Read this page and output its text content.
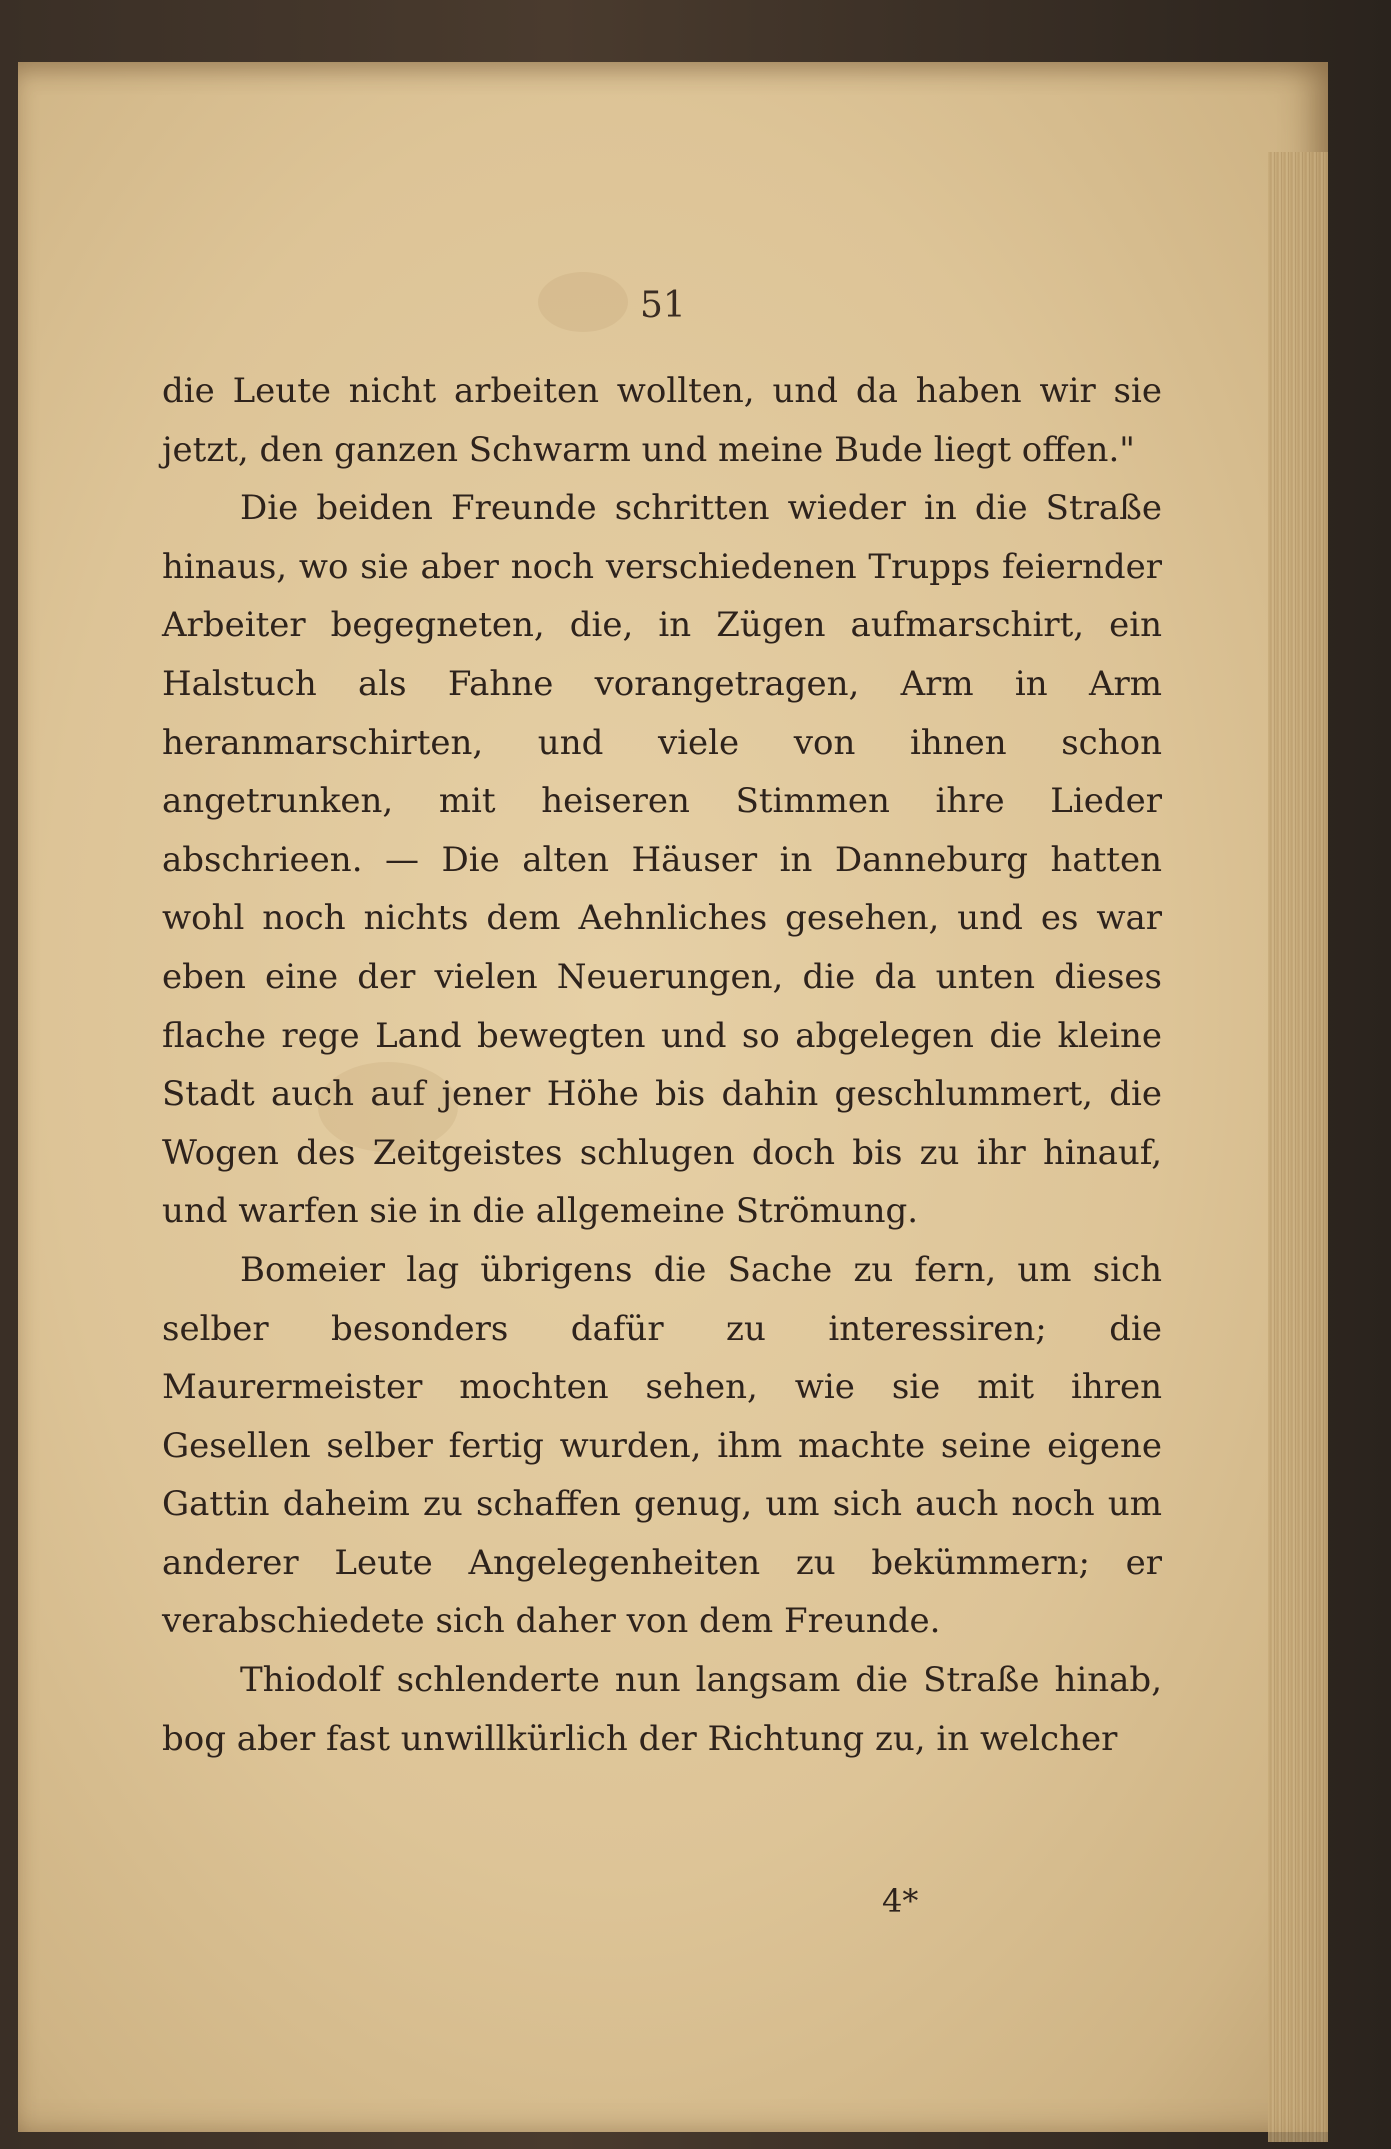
51

die Leute nicht arbeiten wollten, und da haben wir sie jetzt, den ganzen Schwarm und meine Bude liegt offen."

Die beiden Freunde schritten wieder in die Straße hinaus, wo sie aber noch verschiedenen Trupps feiernder Arbeiter begegneten, die, in Zügen aufmarschirt, ein Halstuch als Fahne vorangetragen, Arm in Arm heranmarschirten, und viele von ihnen schon angetrunken, mit heiseren Stimmen ihre Lieder abschrieen. — Die alten Häuser in Danneburg hatten wohl noch nichts dem Aehnliches gesehen, und es war eben eine der vielen Neuerungen, die da unten dieses flache rege Land bewegten und so abgelegen die kleine Stadt auch auf jener Höhe bis dahin geschlummert, die Wogen des Zeitgeistes schlugen doch bis zu ihr hinauf, und warfen sie in die allgemeine Strömung.

Bomeier lag übrigens die Sache zu fern, um sich selber besonders dafür zu interessiren; die Maurermeister mochten sehen, wie sie mit ihren Gesellen selber fertig wurden, ihm machte seine eigene Gattin daheim zu schaffen genug, um sich auch noch um anderer Leute Angelegenheiten zu bekümmern; er verabschiedete sich daher von dem Freunde.

Thiodolf schlenderte nun langsam die Straße hinab, bog aber fast unwillkürlich der Richtung zu, in welcher

4*
